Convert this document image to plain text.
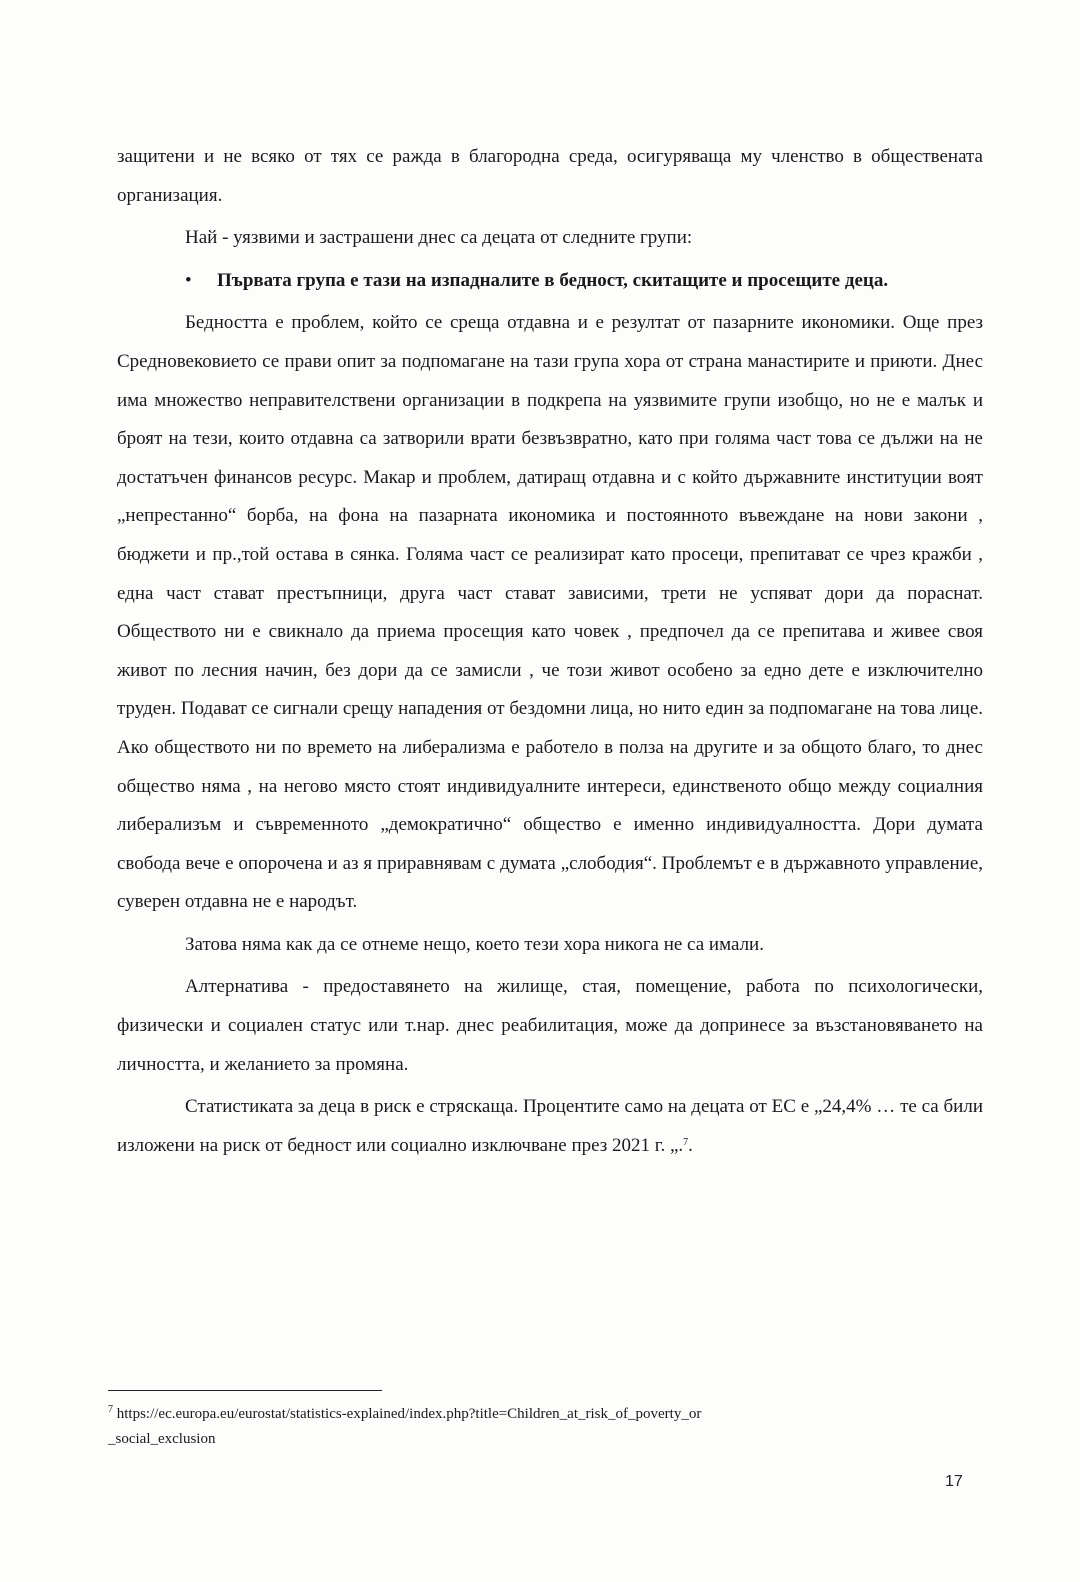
защитени и не всяко от тях се ражда в благородна среда, осигуряваща му членство в обществената организация.

Най - уязвими и застрашени днес са децата от следните групи:

• Първата група е тази на изпадналите в бедност, скитащите и просещите деца.

Бедността е проблем, който се среща отдавна и е резултат от пазарните икономики. Още през Средновековието се прави опит за подпомагане на тази група хора от страна манастирите и приюти. Днес има множество неправителствени организации в подкрепа на уязвимите групи изобщо, но не е малък и броят на тези, които отдавна са затворили врати безвъзвратно, като при голяма част това се дължи на не достатъчен финансов ресурс. Макар и проблем, датиращ отдавна и с който държавните институции воят „непрестанно“ борба, на фона на пазарната икономика и постоянното въвеждане на нови закони , бюджети и пр.,той остава в сянка. Голяма част се реализират като просеци, препитават се чрез кражби , една част стават престъпници, друга част стават зависими, трети не успяват дори да пораснат. Обществото ни е свикнало да приема просещия като човек , предпочел да се препитава и живее своя живот по лесния начин, без дори да се замисли , че този живот особено за едно дете е изключително труден. Подават се сигнали срещу нападения от бездомни лица, но нито един за подпомагане на това лице. Ако обществото ни по времето на либерализма е работело в полза на другите и за общото благо, то днес общество няма , на негово място стоят индивидуалните интереси, единственото общо между социалния либерализъм и съвременното „демократично“ общество е именно индивидуалността. Дори думата свобода вече е опорочена и аз я приравнявам с думата „слободия“. Проблемът е в държавното управление, суверен отдавна не е народът.

Затова няма как да се отнеме нещо, което тези хора никога не са имали.

Алтернатива - предоставянето на жилище, стая, помещение, работа по психологически, физически и социален статус или т.нар. днес реабилитация, може да допринесе за възстановяването на личността, и желанието за промяна.

Статистиката за деца в риск е стряскаща. Процентите само на децата от ЕС е „24,4% … те са били изложени на риск от бедност или социално изключване през 2021 г. „.$^7$.

$^7$ https://ec.europa.eu/eurostat/statistics-explained/index.php?title=Children_at_risk_of_poverty_or_social_exclusion
17
